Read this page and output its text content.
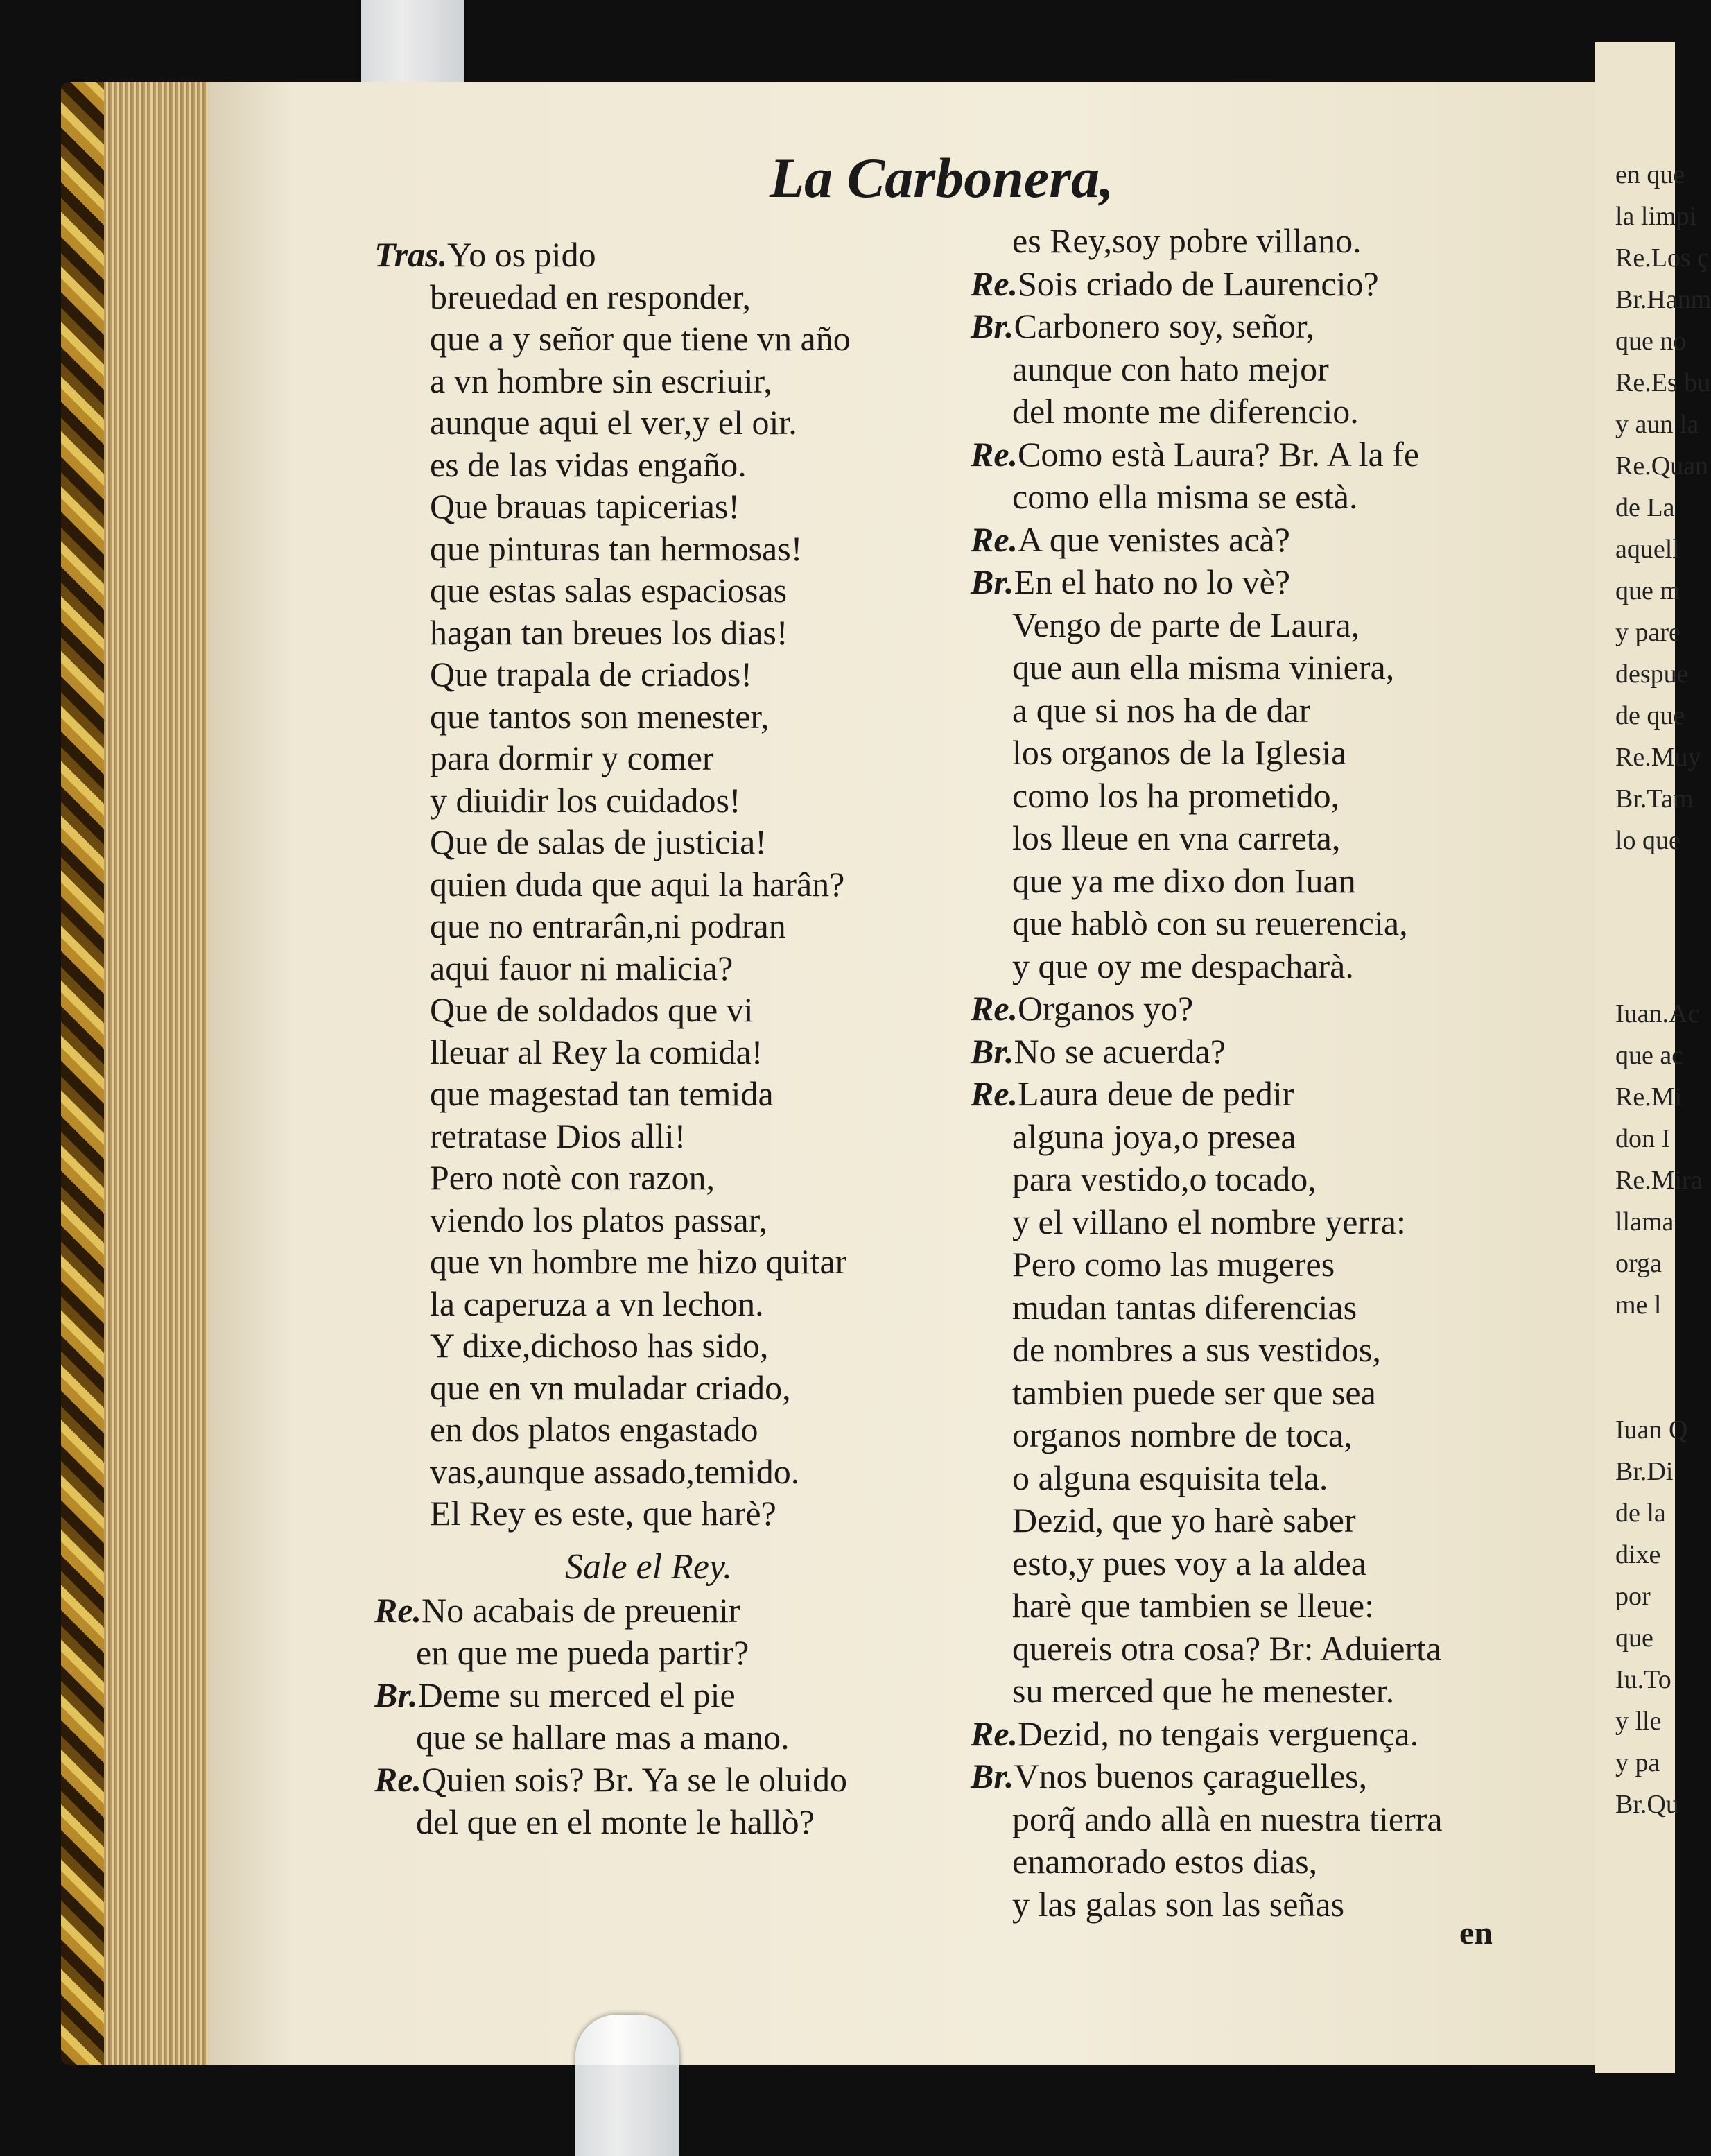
en que
la limpi
Re.Los ç
Br.Hanm
que no
Re.Es bu
y aun la
Re.Quan
de La
aquell
que m
y pare
despue
de que
Re.Muy
Br.Tam
lo que
Iuan.Ac
que ac
Re.Mi
don I
Re.Mira
llama
orga
me l
Iuan Q
Br.Di
de la
dixe
por
que
Iu.To
y lle
y pa
Br.Qu
La Carbonera,
Tras.Yo os pido
breuedad en responder,
que a y señor que tiene vn año
a vn hombre sin escriuir,
aunque aqui el ver,y el oir.
es de las vidas engaño.
Que brauas tapicerias!
que pinturas tan hermosas!
que estas salas espaciosas
hagan tan breues los dias!
Que trapala de criados!
que tantos son menester,
para dormir y comer
y diuidir los cuidados!
Que de salas de justicia!
quien duda que aqui la harân?
que no entrarân,ni podran
aqui fauor ni malicia?
Que de soldados que vi
lleuar al Rey la comida!
que magestad tan temida
retratase Dios alli!
Pero notè con razon,
viendo los platos passar,
que vn hombre me hizo quitar
la caperuza a vn lechon.
Y dixe,dichoso has sido,
que en vn muladar criado,
en dos platos engastado
vas,aunque assado,temido.
El Rey es este, que harè?
Sale el Rey.
Re.No acabais de preuenir
en que me pueda partir?
Br.Deme su merced el pie
que se hallare mas a mano.
Re.Quien sois? Br. Ya se le oluido
del que en el monte le hallò?
es Rey,soy pobre villano.
Re.Sois criado de Laurencio?
Br.Carbonero soy, señor,
aunque con hato mejor
del monte me diferencio.
Re.Como està Laura? Br. A la fe
como ella misma se està.
Re.A que venistes acà?
Br.En el hato no lo vè?
Vengo de parte de Laura,
que aun ella misma viniera,
a que si nos ha de dar
los organos de la Iglesia
como los ha prometido,
los lleue en vna carreta,
que ya me dixo don Iuan
que hablò con su reuerencia,
y que oy me despacharà.
Re.Organos yo?
Br.No se acuerda?
Re.Laura deue de pedir
alguna joya,o presea
para vestido,o tocado,
y el villano el nombre yerra:
Pero como las mugeres
mudan tantas diferencias
de nombres a sus vestidos,
tambien puede ser que sea
organos nombre de toca,
o alguna esquisita tela.
Dezid, que yo harè saber
esto,y pues voy a la aldea
harè que tambien se lleue:
quereis otra cosa? Br: Aduierta
su merced que he menester.
Re.Dezid, no tengais verguença.
Br.Vnos buenos çaraguelles,
porq̃ ando allà en nuestra tierra
enamorado estos dias,
y las galas son las señas
en
